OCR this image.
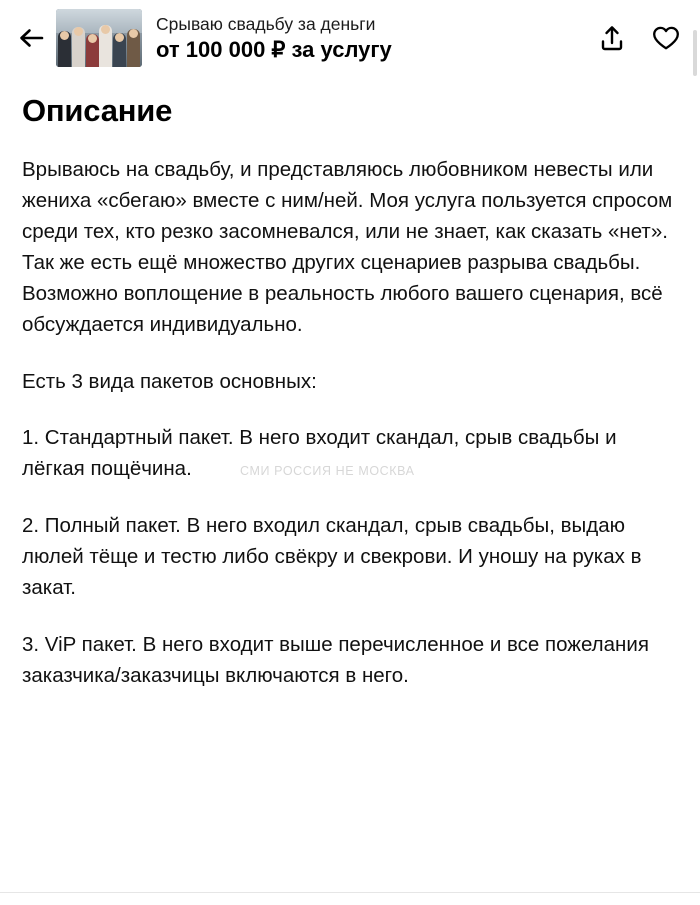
Срываю свадьбу за деньги
от 100 000 ₽ за услугу
Описание

Врываюсь на свадьбу, и представляюсь любовником невесты или жениха «сбегаю» вместе с ним/ней. Моя услуга пользуется спросом среди тех, кто резко засомневался, или не знает, как сказать «нет». Так же есть ещё множество других сценариев разрыва свадьбы. Возможно воплощение в реальность любого вашего сценария, всё обсуждается индивидуально.

Есть 3 вида пакетов основных:

1. Стандартный пакет. В него входит скандал, срыв свадьбы и лёгкая пощёчина.

2. Полный пакет. В него входил скандал, срыв свадьбы, выдаю люлей тёще и тестю либо свёкру и свекрови. И уношу на руках в закат.

3. ViP пакет. В него входит выше перечисленное и все пожелания заказчика/заказчицы включаются в него.

СМИ РОССИЯ НЕ МОСКВА
